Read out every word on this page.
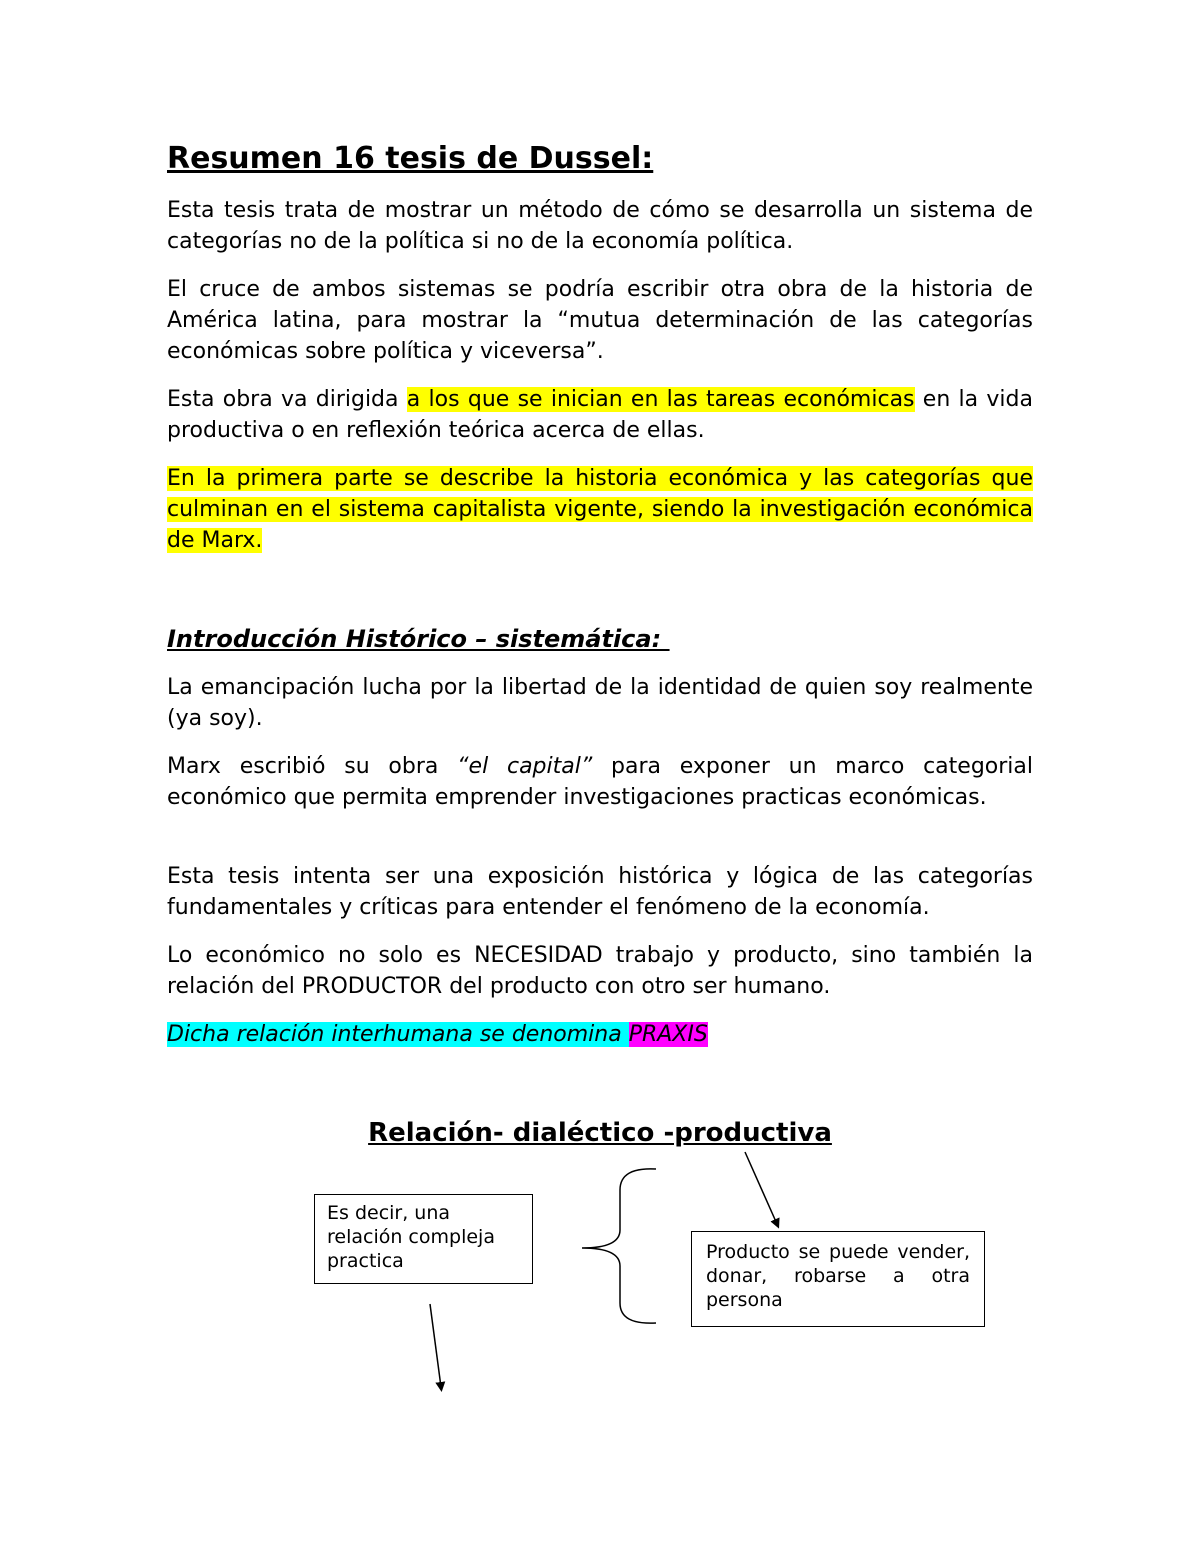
Resumen 16 tesis de Dussel:

Esta tesis trata de mostrar un método de cómo se desarrolla un sistema de categorías no de la política si no de la economía política.

El cruce de ambos sistemas se podría escribir otra obra de la historia de América latina, para mostrar la “mutua determinación de las categorías económicas sobre política y viceversa”.

Esta obra va dirigida a los que se inician en las tareas económicas en la vida productiva o en reflexión teórica acerca de ellas.

En la primera parte se describe la historia económica y las categorías que culminan en el sistema capitalista vigente, siendo la investigación económica de Marx.

Introducción Histórico – sistemática:

La emancipación lucha por la libertad de la identidad de quien soy realmente (ya soy).

Marx escribió su obra “el capital” para exponer un marco categorial económico que permita emprender investigaciones practicas económicas.

Esta tesis intenta ser una exposición histórica y lógica de las categorías fundamentales y críticas para entender el fenómeno de la economía.

Lo económico no solo es NECESIDAD trabajo y producto, sino también la relación del PRODUCTOR del producto con otro ser humano.

Dicha relación interhumana se denomina PRAXIS

Relación- dialéctico -productiva

Es decir, una relación compleja practica	Producto se puede vender, donar, robarse a otra persona
